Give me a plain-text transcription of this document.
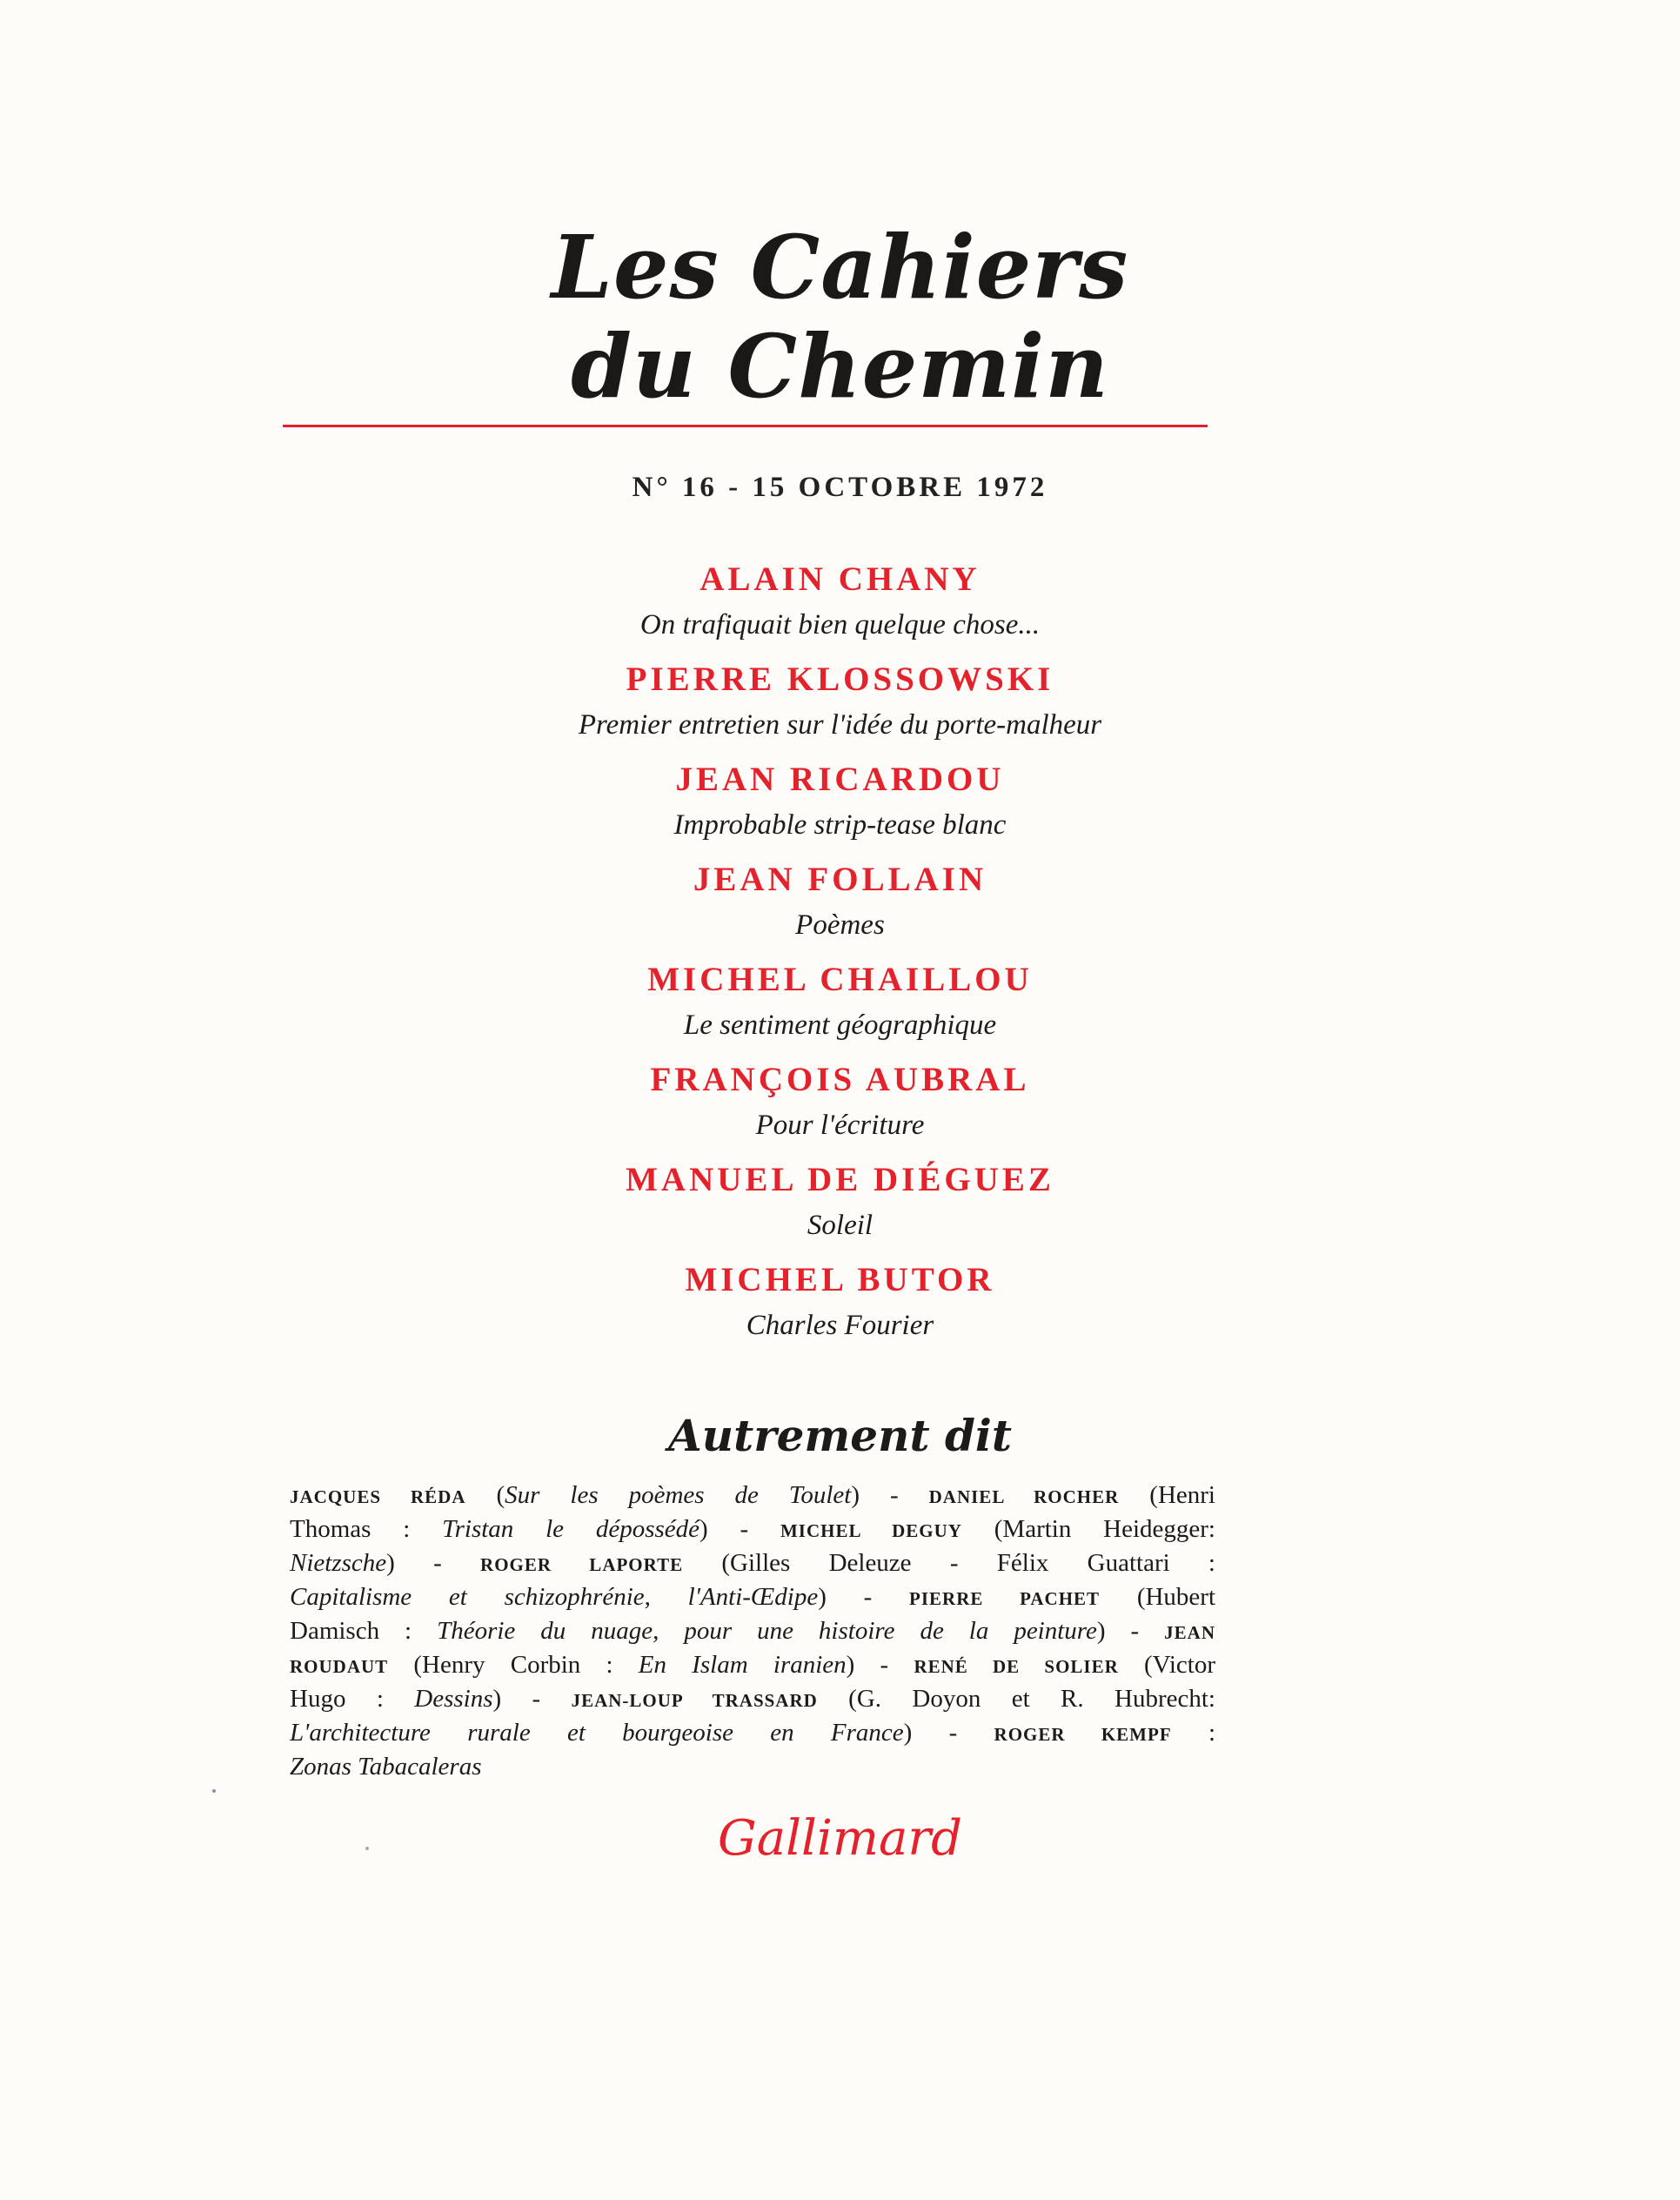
Les Cahiers
du Chemin
N° 16 - 15 OCTOBRE 1972
ALAIN CHANY
On trafiquait bien quelque chose...
PIERRE KLOSSOWSKI
Premier entretien sur l'idée du porte-malheur
JEAN RICARDOU
Improbable strip-tease blanc
JEAN FOLLAIN
Poèmes
MICHEL CHAILLOU
Le sentiment géographique
FRANÇOIS AUBRAL
Pour l'écriture
MANUEL DE DIÉGUEZ
Soleil
MICHEL BUTOR
Charles Fourier
Autrement dit
JACQUES RÉDA (Sur les poèmes de Toulet) - DANIEL ROCHER (Henri
Thomas : Tristan le dépossédé) - MICHEL DEGUY (Martin Heidegger:
Nietzsche) - ROGER LAPORTE (Gilles Deleuze - Félix Guattari :
Capitalisme et schizophrénie, l'Anti-Œdipe) - PIERRE PACHET (Hubert
Damisch : Théorie du nuage, pour une histoire de la peinture) - JEAN
ROUDAUT (Henry Corbin : En Islam iranien) - RENÉ DE SOLIER (Victor
Hugo : Dessins) - JEAN-LOUP TRASSARD (G. Doyon et R. Hubrecht:
L'architecture rurale et bourgeoise en France) - ROGER KEMPF :
Zonas Tabacaleras
Gallimard
